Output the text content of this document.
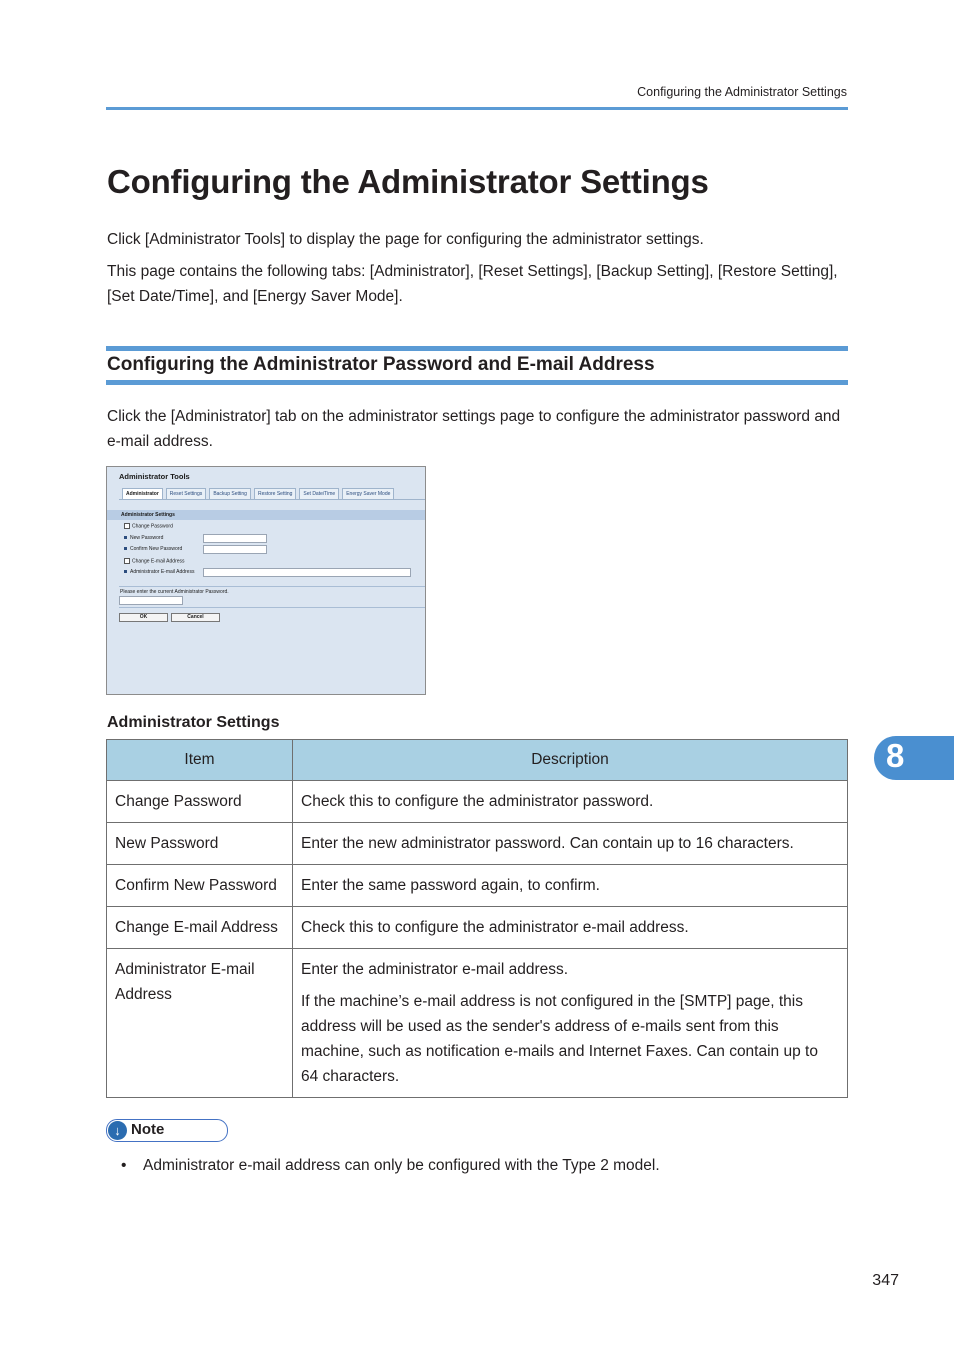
Configuring the Administrator Settings
Configuring the Administrator Settings

Click [Administrator Tools] to display the page for configuring the administrator settings.

This page contains the following tabs: [Administrator], [Reset Settings], [Backup Setting], [Restore Setting], [Set Date/Time], and [Energy Saver Mode].

Configuring the Administrator Password and E-mail Address

Click the [Administrator] tab on the administrator settings page to configure the administrator password and e-mail address.

Administrator Tools
Administrator	Reset Settings	Backup Setting	Restore Setting	Set Date/Time	Energy Saver Mode
Administrator Settings
Change Password
New Password
Confirm New Password
Change E-mail Address
Administrator E-mail Address
Please enter the current Administrator Password.
OK	Cancel

Administrator Settings

Item	Description
Change Password	Check this to configure the administrator password.

New Password	Enter the new administrator password. Can contain up to 16 characters.

Confirm New Password	Enter the same password again, to confirm.

Change E-mail Address	Check this to configure the administrator e-mail address.

Administrator E-mail Address	Enter the administrator e-mail address.

If the machine’s e-mail address is not configured in the [SMTP] page, this address will be used as the sender's address of e-mails sent from this machine, such as notification e-mails and Internet Faxes. Can contain up to 64 characters.

↓ Note

• Administrator e-mail address can only be configured with the Type 2 model.

8
347
